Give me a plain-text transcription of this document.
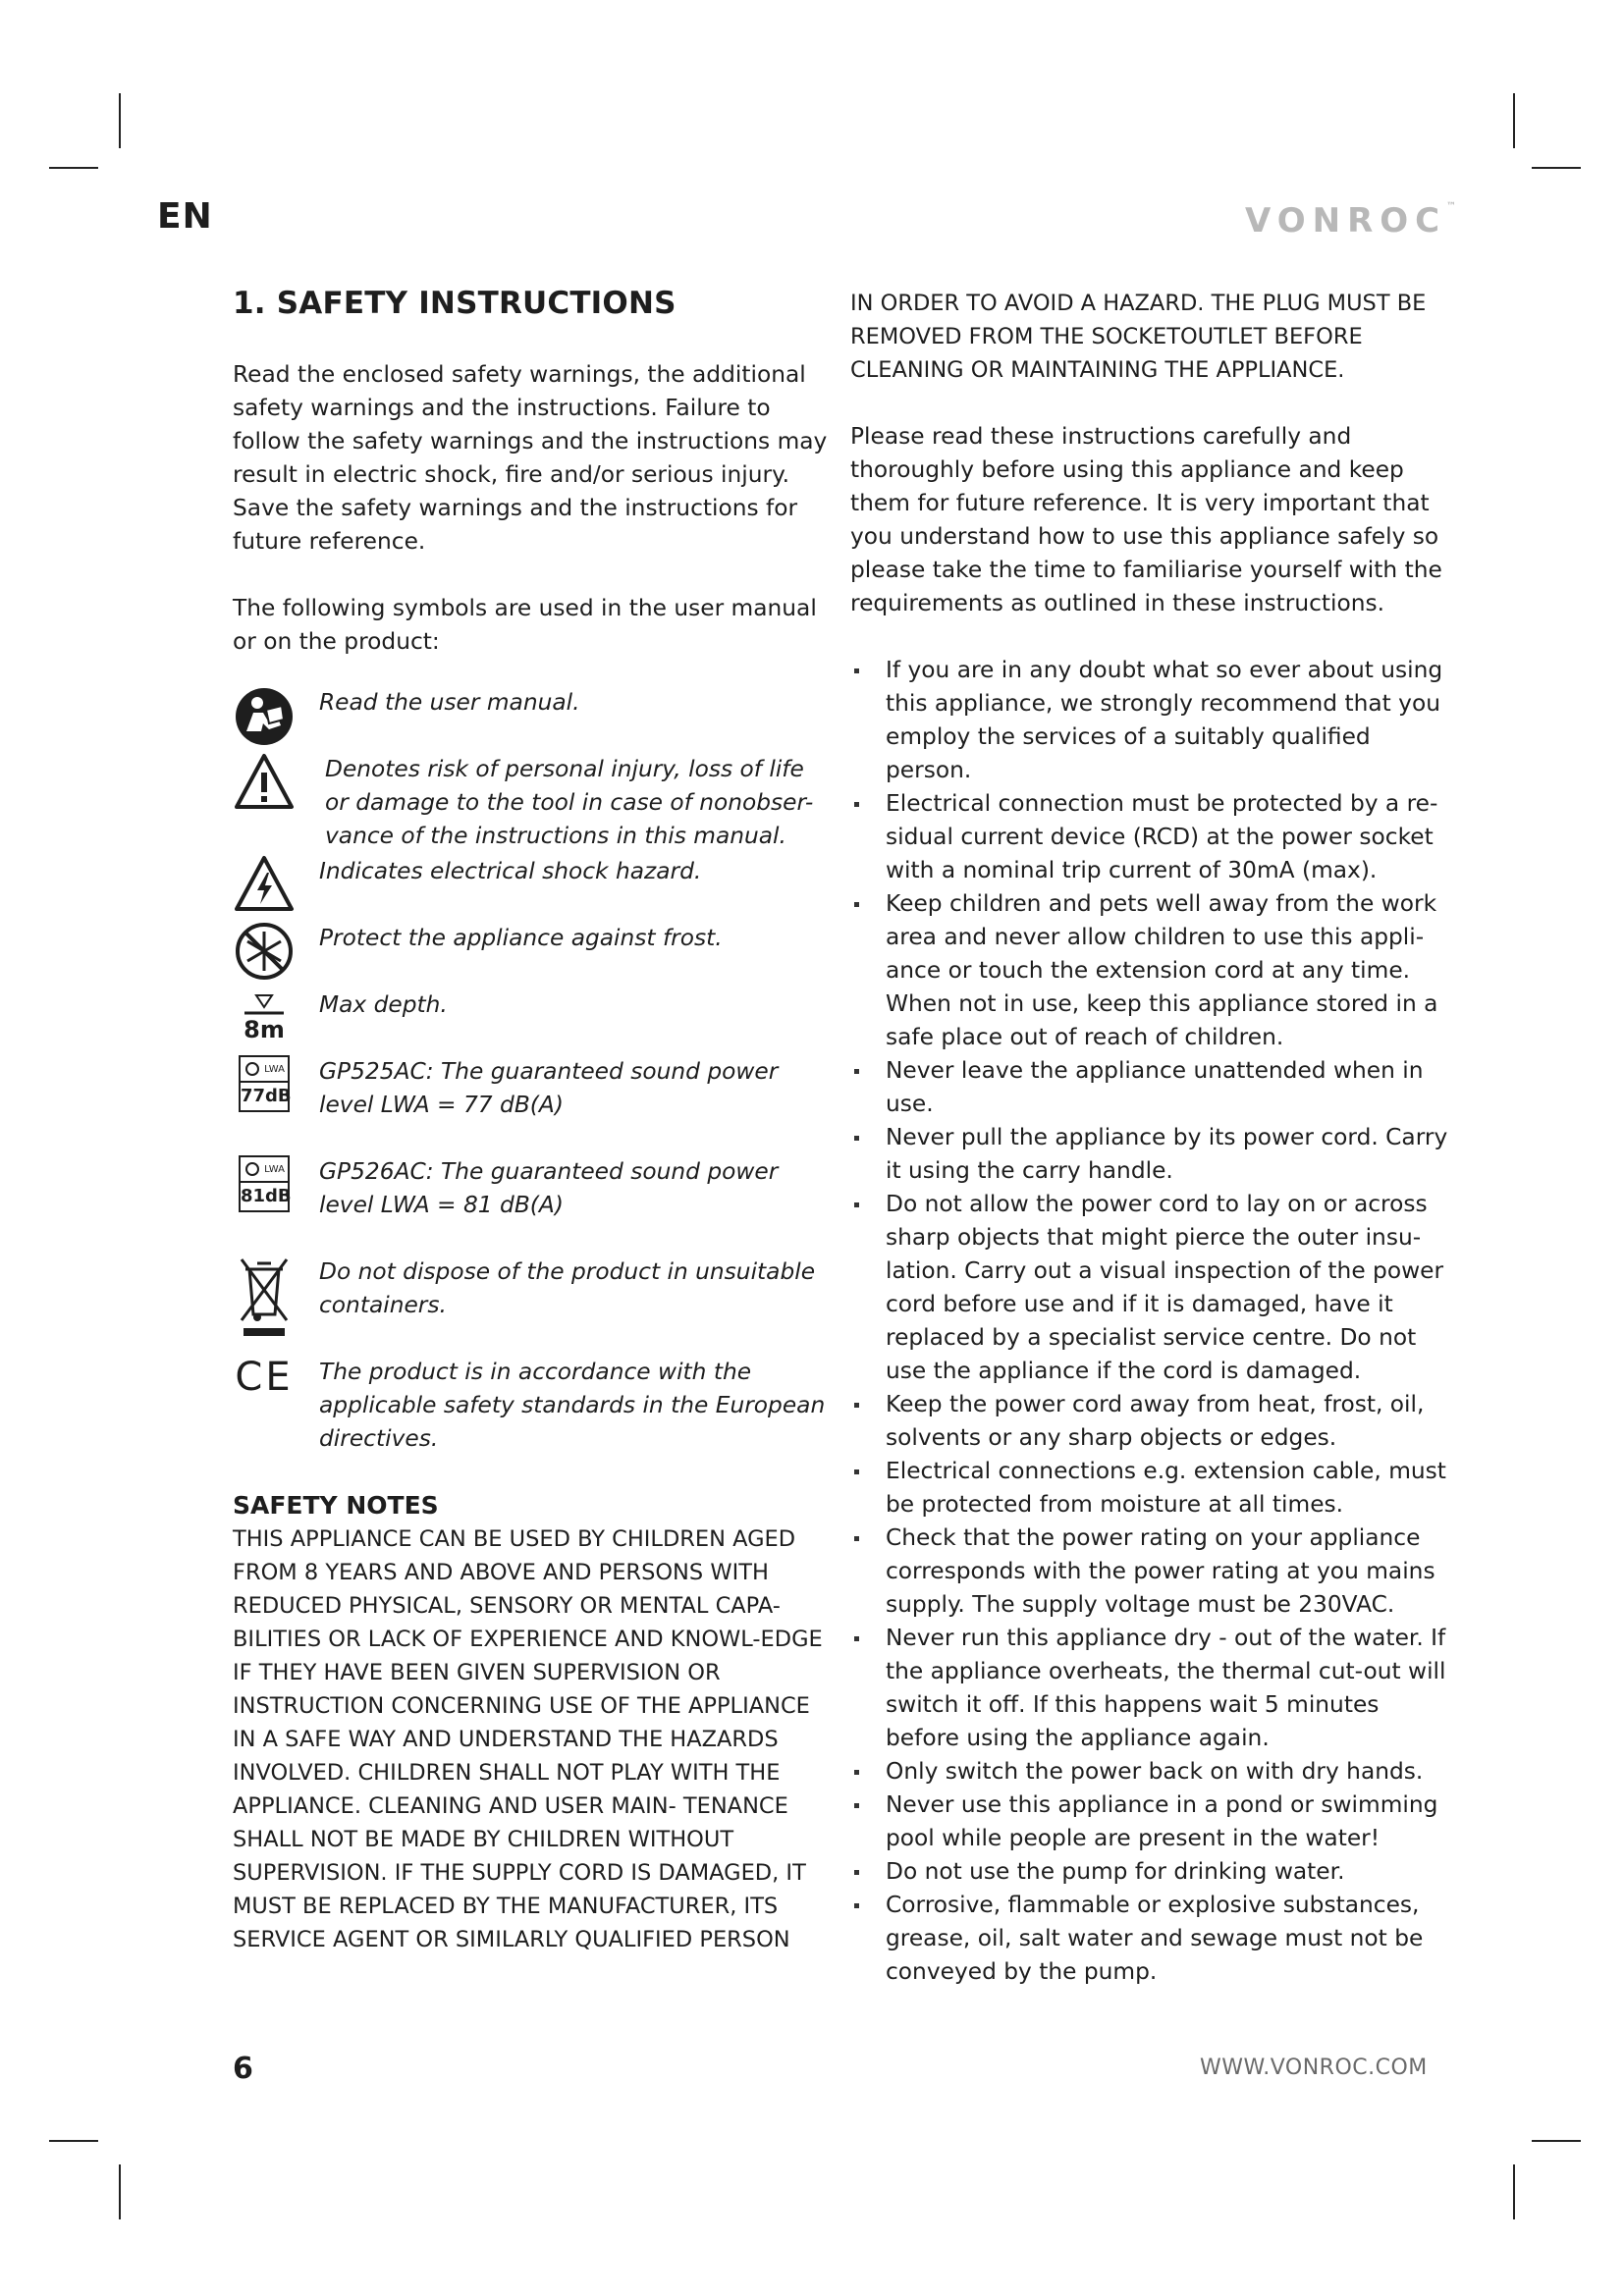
EN	VONROC™
1. SAFETY INSTRUCTIONS

Read the enclosed safety warnings, the additional safety warnings and the instructions. Failure to follow the safety warnings and the instructions may result in electric shock, fire and/or serious injury. Save the safety warnings and the instructions for future reference.

The following symbols are used in the user manual or on the product:

Read the user manual.
Denotes risk of personal injury, loss of life or damage to the tool in case of nonobser-vance of the instructions in this manual.
Indicates electrical shock hazard.
Protect the appliance against frost.
8m
Max depth.
LWA
77dB
GP525AC: The guaranteed sound power level LWA = 77 dB(A)
LWA
81dB
GP526AC: The guaranteed sound power level LWA = 81 dB(A)
Do not dispose of the product in unsuitable containers.
CE The product is in accordance with the applicable safety standards in the European directives.
SAFETY NOTES

THIS APPLIANCE CAN BE USED BY CHILDREN AGED FROM 8 YEARS AND ABOVE AND PERSONS WITH REDUCED PHYSICAL, SENSORY OR MENTAL CAPA-BILITIES OR LACK OF EXPERIENCE AND KNOWL-EDGE IF THEY HAVE BEEN GIVEN SUPERVISION OR INSTRUCTION CONCERNING USE OF THE APPLIANCE IN A SAFE WAY AND UNDERSTAND THE HAZARDS INVOLVED. CHILDREN SHALL NOT PLAY WITH THE APPLIANCE. CLEANING AND USER MAIN- TENANCE SHALL NOT BE MADE BY CHILDREN WITHOUT SUPERVISION. IF THE SUPPLY CORD IS DAMAGED, IT MUST BE REPLACED BY THE MANUFACTURER, ITS SERVICE AGENT OR SIMILARLY QUALIFIED PERSON

IN ORDER TO AVOID A HAZARD. THE PLUG MUST BE REMOVED FROM THE SOCKETOUTLET BEFORE CLEANING OR MAINTAINING THE APPLIANCE.

Please read these instructions carefully and thoroughly before using this appliance and keep them for future reference. It is very important that you understand how to use this appliance safely so please take the time to familiarise yourself with the requirements as outlined in these instructions.

If you are in any doubt what so ever about using this appliance, we strongly recommend that you employ the services of a suitably qualified person.
Electrical connection must be protected by a re-sidual current device (RCD) at the power socket with a nominal trip current of 30mA (max).
Keep children and pets well away from the work area and never allow children to use this appli-ance or touch the extension cord at any time. When not in use, keep this appliance stored in a safe place out of reach of children.
Never leave the appliance unattended when in use.
Never pull the appliance by its power cord. Carry it using the carry handle.
Do not allow the power cord to lay on or across sharp objects that might pierce the outer insu-lation. Carry out a visual inspection of the power cord before use and if it is damaged, have it replaced by a specialist service centre. Do not use the appliance if the cord is damaged.
Keep the power cord away from heat, frost, oil, solvents or any sharp objects or edges.
Electrical connections e.g. extension cable, must be protected from moisture at all times.
Check that the power rating on your appliance corresponds with the power rating at you mains supply. The supply voltage must be 230VAC.
Never run this appliance dry - out of the water. If the appliance overheats, the thermal cut-out will switch it off. If this happens wait 5 minutes before using the appliance again.
Only switch the power back on with dry hands.
Never use this appliance in a pond or swimming pool while people are present in the water!
Do not use the pump for drinking water.
Corrosive, flammable or explosive substances, grease, oil, salt water and sewage must not be conveyed by the pump.
6	WWW.VONROC.COM
